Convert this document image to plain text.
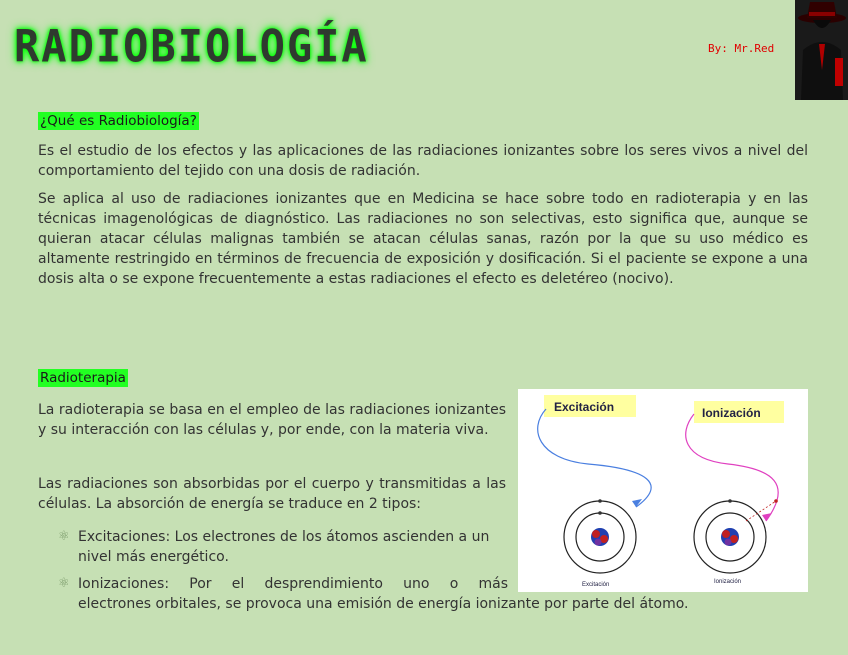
RADIOBIOLOGÍA	By: Mr.Red
¿Qué es Radiobiología?
Es el estudio de los efectos y las aplicaciones de las radiaciones ionizantes sobre los seres vivos a nivel del comportamiento del tejido con una dosis de radiación.
Se aplica al uso de radiaciones ionizantes que en Medicina se hace sobre todo en radioterapia y en las técnicas imagenológicas de diagnóstico. Las radiaciones no son selectivas, esto significa que, aunque se quieran atacar células malignas también se atacan células sanas, razón por la que su uso médico es altamente restringido en términos de frecuencia de exposición y dosificación. Si el paciente se expone a una dosis alta o se expone frecuentemente a estas radiaciones el efecto es deletéreo (nocivo).
Radioterapia
La radioterapia se basa en el empleo de las radiaciones ionizantes y su interacción con las células y, por ende, con la materia viva.
Las radiaciones son absorbidas por el cuerpo y transmitidas a las células. La absorción de energía se traduce en 2 tipos:
⚛ Excitaciones: Los electrones de los átomos ascienden a un nivel más energético.
⚛ Ionizaciones: Por el desprendimiento uno o más
electrones orbitales, se provoca una emisión de energía ionizante por parte del átomo.
Excitación	Ionización
Excitación	Ionización
